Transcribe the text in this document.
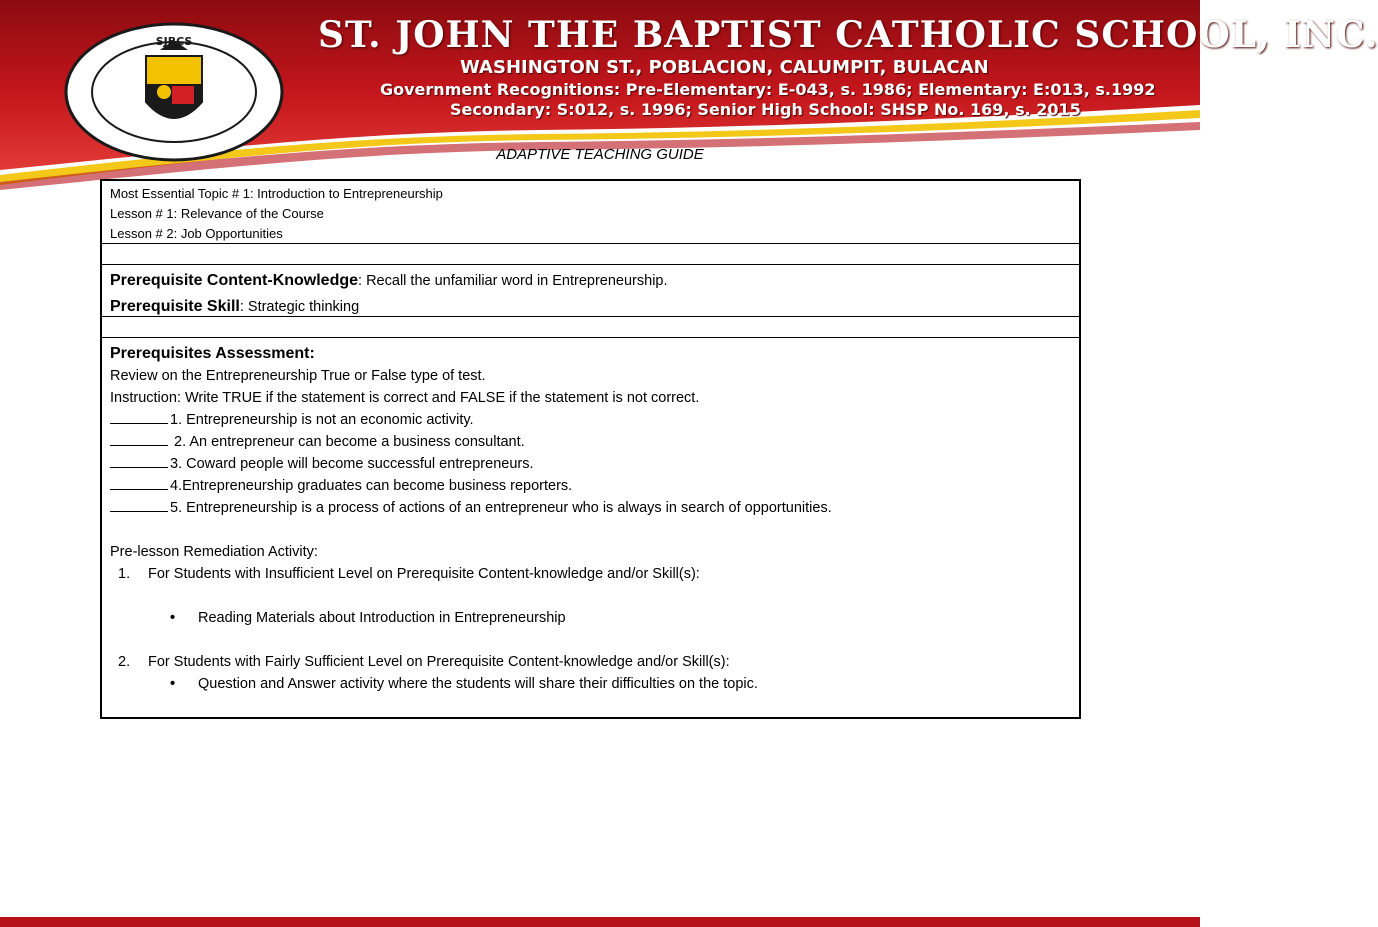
SJBCS	ST. JOHN THE BAPTIST CATHOLIC SCHOOL, INC.
WASHINGTON ST., POBLACION, CALUMPIT, BULACAN
Government Recognitions: Pre-Elementary: E-043, s. 1986; Elementary: E:013, s.1992
Secondary: S:012, s. 1996; Senior High School: SHSP No. 169, s. 2015
ADAPTIVE TEACHING GUIDE
Most Essential Topic # 1: Introduction to Entrepreneurship
Lesson # 1: Relevance of the Course
Lesson # 2: Job Opportunities
Prerequisite Content-Knowledge: Recall the unfamiliar word in Entrepreneurship.
Prerequisite Skill: Strategic thinking
Prerequisites Assessment:
Review on the Entrepreneurship True or False type of test.
Instruction: Write TRUE if the statement is correct and FALSE if the statement is not correct.
1. Entrepreneurship is not an economic activity.
2. An entrepreneur can become a business consultant.
3. Coward people will become successful entrepreneurs.
4.Entrepreneurship graduates can become business reporters.
5. Entrepreneurship is a process of actions of an entrepreneur who is always in search of opportunities.
Pre-lesson Remediation Activity:
1. For Students with Insufficient Level on Prerequisite Content-knowledge and/or Skill(s):
• Reading Materials about Introduction in Entrepreneurship
2. For Students with Fairly Sufficient Level on Prerequisite Content-knowledge and/or Skill(s):
• Question and Answer activity where the students will share their difficulties on the topic.
